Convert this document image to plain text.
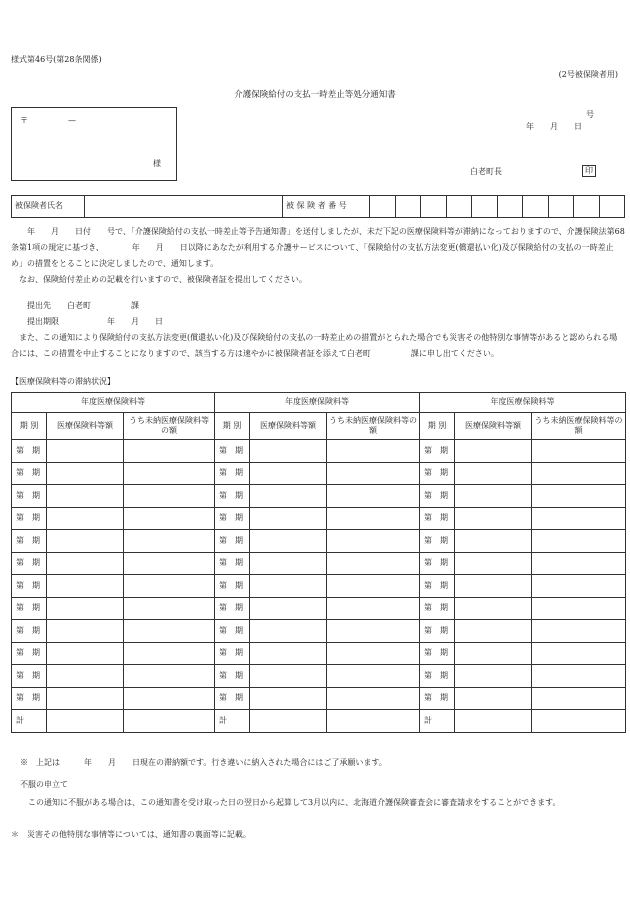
様式第46号(第28条関係)
(2号被保険者用)
介護保険給付の支払一時差止等処分通知書
号
年　　月　　日
〒　　　　　—
様
白老町長	印
被保険者氏名		被 保 険 者 番 号										
　　年　　月　　日付　　号で、「介護保険給付の支払一時差止等予告通知書」を送付しましたが、未だ下記の医療保険料等が滞納になっておりますので、介護保険法第68条第1項の規定に基づき、　　　　年　　月　　日以降にあなたが利用する介護サービスについて、「保険給付の支払方法変更(償還払い化)及び保険給付の支払の一時差止め」の措置をとることに決定しましたので、通知します。
　なお、保険給付差止めの記載を行いますので、被保険者証を提出してください。
　　提出先　　白老町　　　　　課
　　提出期限　　　　　　年　　月　　日
　また、この通知により保険給付の支払方法変更(償還払い化)及び保険給付の支払の一時差止めの措置がとられた場合でも災害その他特別な事情等があると認められる場合には、この措置を中止することになりますので、該当する方は速やかに被保険者証を添えて白老町　　　　　課に申し出てください。
【医療保険料等の滞納状況】
年度医療保険料等			年度医療保険料等			年度医療保険料等		
期 別	医療保険料等額	うち未納医療保険料等の額	期 別	医療保険料等額	うち未納医療保険料等の額	期 別	医療保険料等額	うち未納医療保険料等の額
第　期			第　期			第　期		
第　期			第　期			第　期		
第　期			第　期			第　期		
第　期			第　期			第　期		
第　期			第　期			第　期		
第　期			第　期			第　期		
第　期			第　期			第　期		
第　期			第　期			第　期		
第　期			第　期			第　期		
第　期			第　期			第　期		
第　期			第　期			第　期		
第　期			第　期			第　期		
計			計			計		
※　上記は　　　年　　月　　日現在の滞納額です。行き違いに納入された場合にはご了承願います。
不服の申立て
　この通知に不服がある場合は、この通知書を受け取った日の翌日から起算して3月以内に、北海道介護保険審査会に審査請求をすることができます。
＊　災害その他特別な事情等については、通知書の裏面等に記載。
